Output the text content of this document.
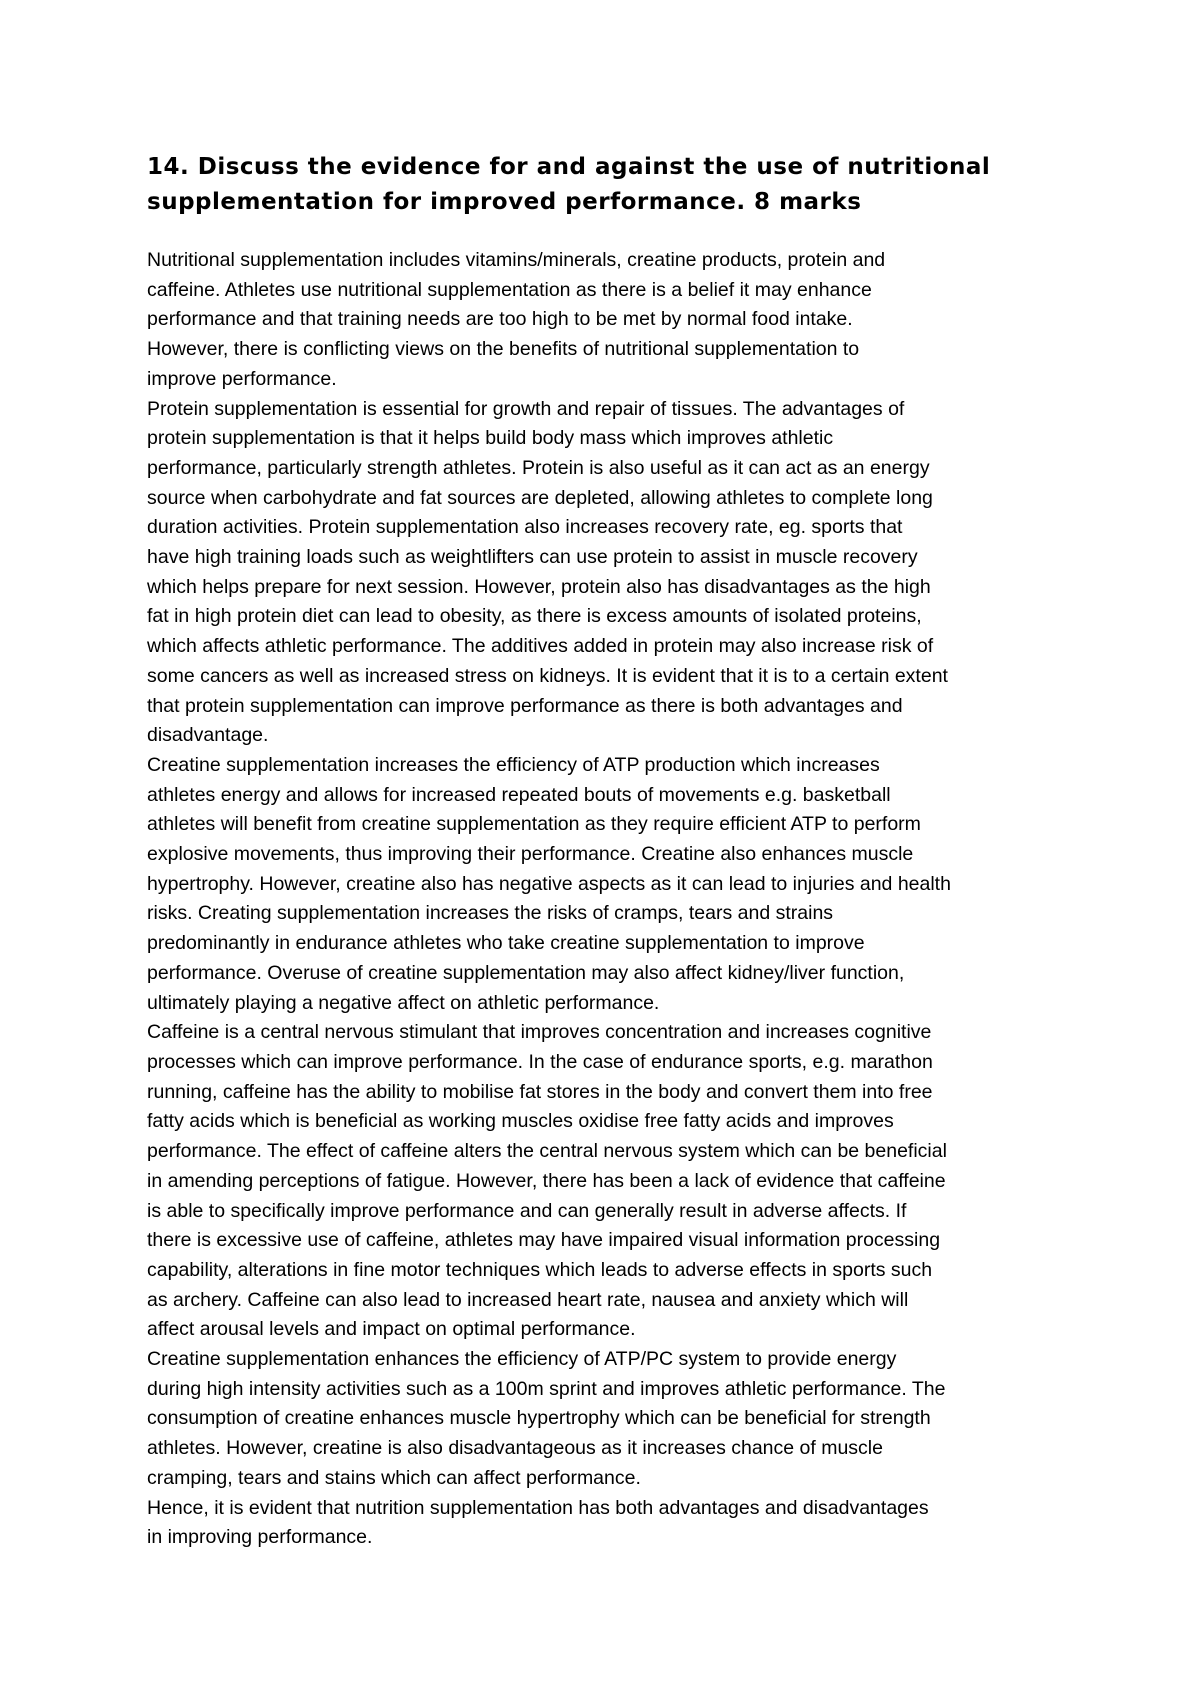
14. Discuss the evidence for and against the use of nutritional
supplementation for improved performance. 8 marks
Nutritional supplementation includes vitamins/minerals, creatine products, protein and
caffeine. Athletes use nutritional supplementation as there is a belief it may enhance
performance and that training needs are too high to be met by normal food intake.
However, there is conflicting views on the benefits of nutritional supplementation to
improve performance.
Protein supplementation is essential for growth and repair of tissues. The advantages of
protein supplementation is that it helps build body mass which improves athletic
performance, particularly strength athletes. Protein is also useful as it can act as an energy
source when carbohydrate and fat sources are depleted, allowing athletes to complete long
duration activities. Protein supplementation also increases recovery rate, eg. sports that
have high training loads such as weightlifters can use protein to assist in muscle recovery
which helps prepare for next session. However, protein also has disadvantages as the high
fat in high protein diet can lead to obesity, as there is excess amounts of isolated proteins,
which affects athletic performance. The additives added in protein may also increase risk of
some cancers as well as increased stress on kidneys. It is evident that it is to a certain extent
that protein supplementation can improve performance as there is both advantages and
disadvantage.
Creatine supplementation increases the efficiency of ATP production which increases
athletes energy and allows for increased repeated bouts of movements e.g. basketball
athletes will benefit from creatine supplementation as they require efficient ATP to perform
explosive movements, thus improving their performance. Creatine also enhances muscle
hypertrophy. However, creatine also has negative aspects as it can lead to injuries and health
risks. Creating supplementation increases the risks of cramps, tears and strains
predominantly in endurance athletes who take creatine supplementation to improve
performance. Overuse of creatine supplementation may also affect kidney/liver function,
ultimately playing a negative affect on athletic performance.
Caffeine is a central nervous stimulant that improves concentration and increases cognitive
processes which can improve performance. In the case of endurance sports, e.g. marathon
running, caffeine has the ability to mobilise fat stores in the body and convert them into free
fatty acids which is beneficial as working muscles oxidise free fatty acids and improves
performance. The effect of caffeine alters the central nervous system which can be beneficial
in amending perceptions of fatigue. However, there has been a lack of evidence that caffeine
is able to specifically improve performance and can generally result in adverse affects. If
there is excessive use of caffeine, athletes may have impaired visual information processing
capability, alterations in fine motor techniques which leads to adverse effects in sports such
as archery. Caffeine can also lead to increased heart rate, nausea and anxiety which will
affect arousal levels and impact on optimal performance.
Creatine supplementation enhances the efficiency of ATP/PC system to provide energy
during high intensity activities such as a 100m sprint and improves athletic performance. The
consumption of creatine enhances muscle hypertrophy which can be beneficial for strength
athletes. However, creatine is also disadvantageous as it increases chance of muscle
cramping, tears and stains which can affect performance.
Hence, it is evident that nutrition supplementation has both advantages and disadvantages
in improving performance.
